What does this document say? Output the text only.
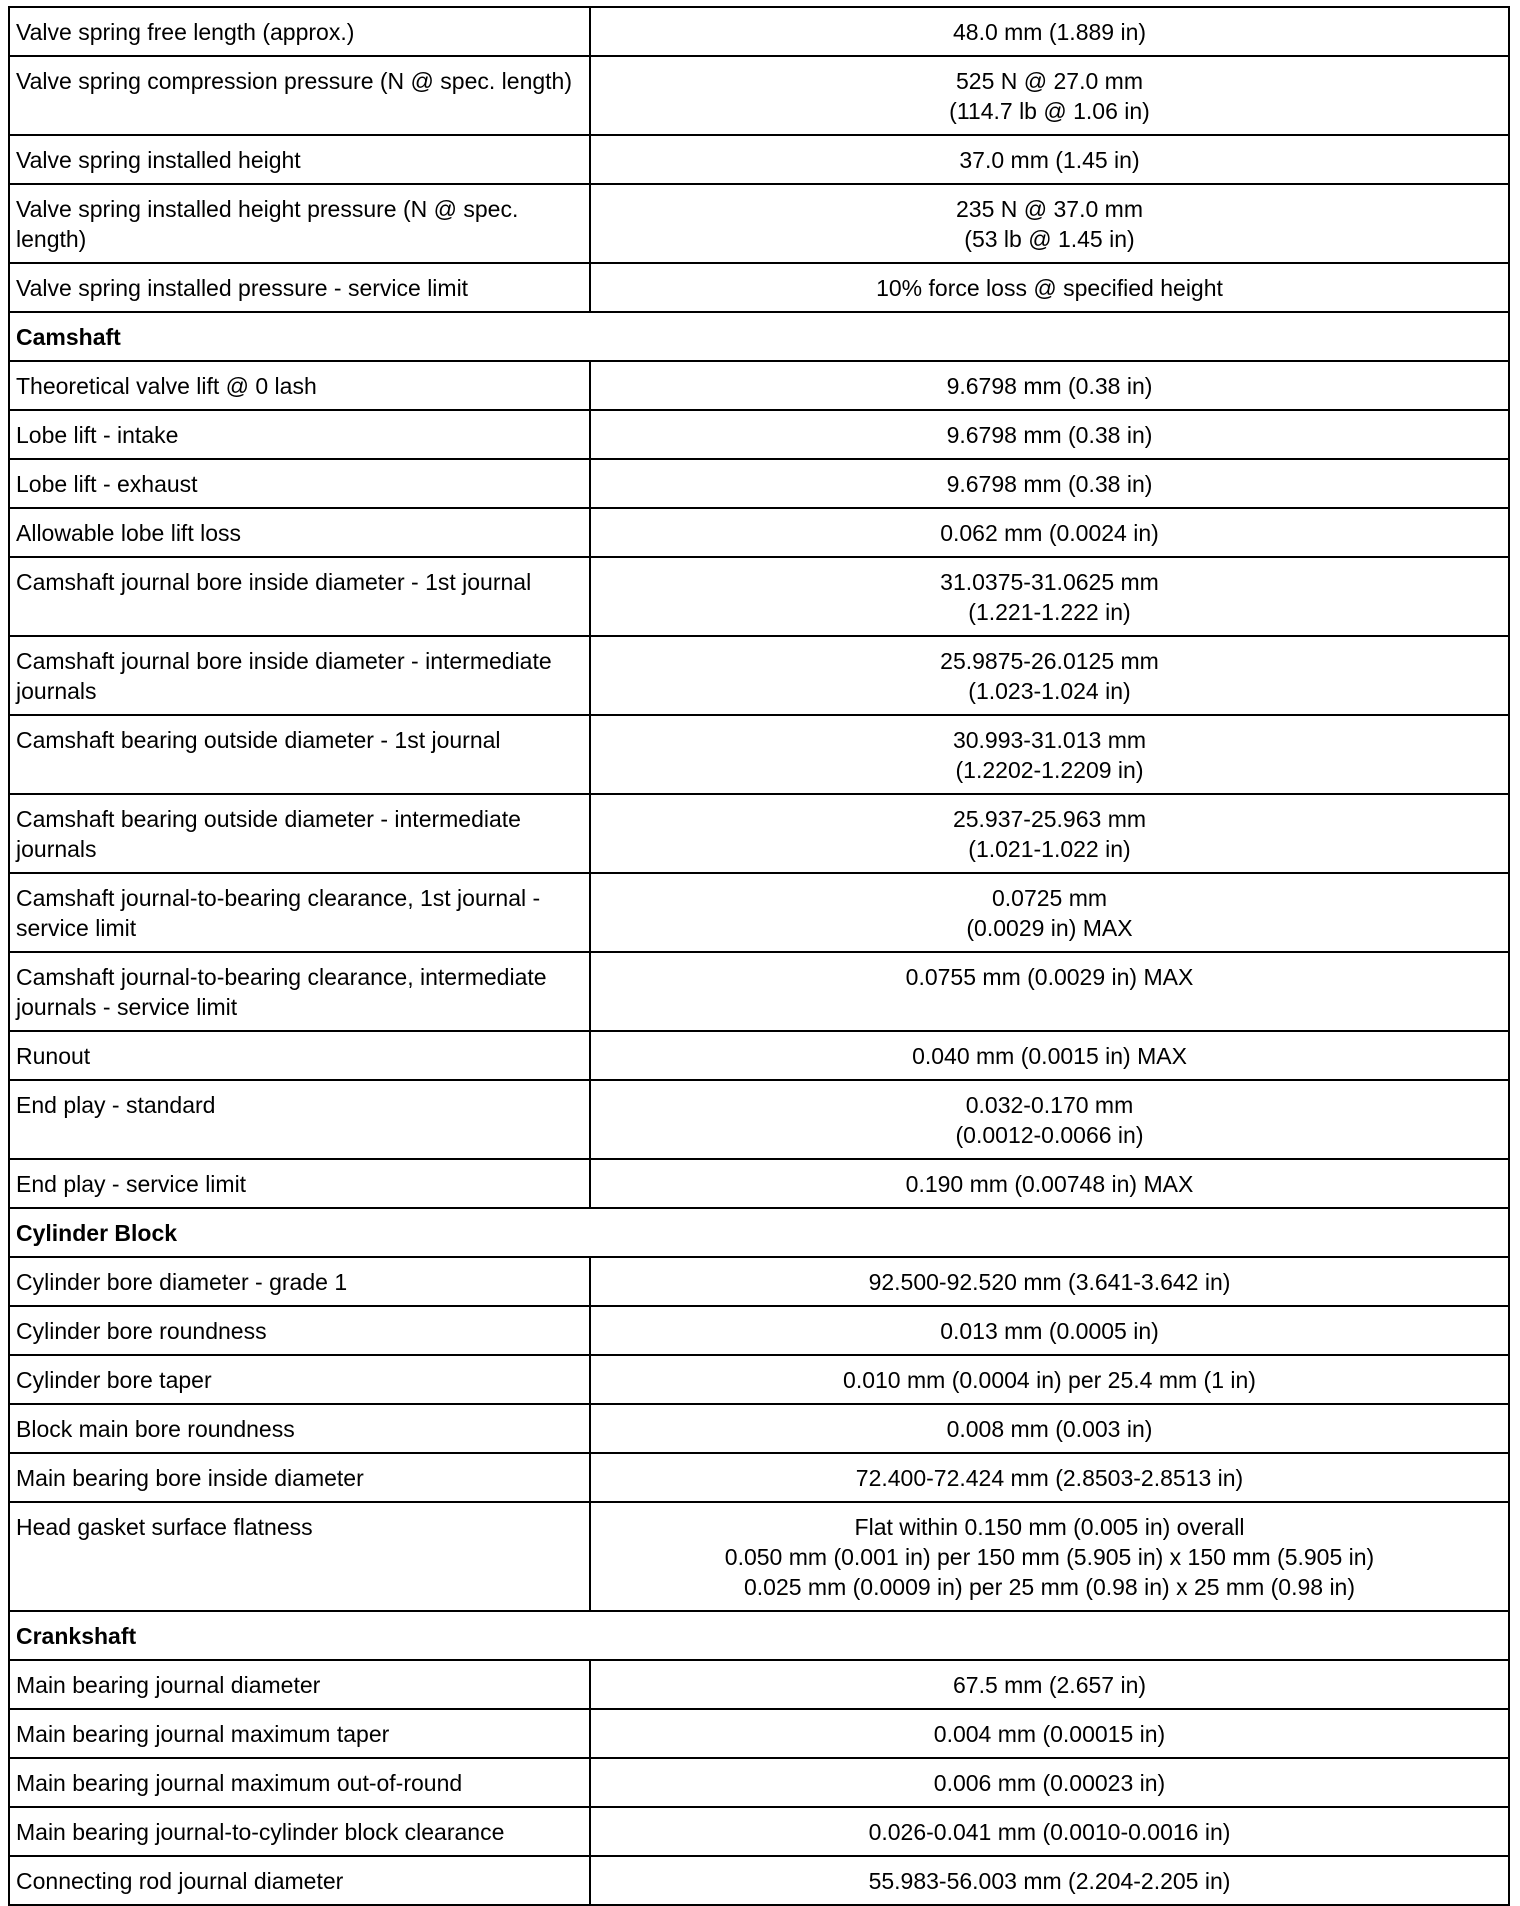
Valve spring free length (approx.)	48.0 mm (1.889 in)

Valve spring compression pressure (N @ spec. length)	525 N @ 27.0 mm
(114.7 lb @ 1.06 in)

Valve spring installed height	37.0 mm (1.45 in)

Valve spring installed height pressure (N @ spec. length)	235 N @ 37.0 mm
(53 lb @ 1.45 in)

Valve spring installed pressure - service limit	10% force loss @ specified height

Camshaft	
Theoretical valve lift @ 0 lash	9.6798 mm (0.38 in)

Lobe lift - intake	9.6798 mm (0.38 in)

Lobe lift - exhaust	9.6798 mm (0.38 in)

Allowable lobe lift loss	0.062 mm (0.0024 in)

Camshaft journal bore inside diameter - 1st journal	31.0375-31.0625 mm
(1.221-1.222 in)

Camshaft journal bore inside diameter - intermediate journals	25.9875-26.0125 mm
(1.023-1.024 in)

Camshaft bearing outside diameter - 1st journal	30.993-31.013 mm
(1.2202-1.2209 in)

Camshaft bearing outside diameter - intermediate journals	25.937-25.963 mm
(1.021-1.022 in)

Camshaft journal-to-bearing clearance, 1st journal - service limit	0.0725 mm
(0.0029 in) MAX

Camshaft journal-to-bearing clearance, intermediate journals - service limit	0.0755 mm (0.0029 in) MAX

Runout	0.040 mm (0.0015 in) MAX

End play - standard	0.032-0.170 mm
(0.0012-0.0066 in)

End play - service limit	0.190 mm (0.00748 in) MAX

Cylinder Block	
Cylinder bore diameter - grade 1	92.500-92.520 mm (3.641-3.642 in)

Cylinder bore roundness	0.013 mm (0.0005 in)

Cylinder bore taper	0.010 mm (0.0004 in) per 25.4 mm (1 in)

Block main bore roundness	0.008 mm (0.003 in)

Main bearing bore inside diameter	72.400-72.424 mm (2.8503-2.8513 in)

Head gasket surface flatness	Flat within 0.150 mm (0.005 in) overall
0.050 mm (0.001 in) per 150 mm (5.905 in) x 150 mm (5.905 in)
0.025 mm (0.0009 in) per 25 mm (0.98 in) x 25 mm (0.98 in)

Crankshaft	
Main bearing journal diameter	67.5 mm (2.657 in)

Main bearing journal maximum taper	0.004 mm (0.00015 in)

Main bearing journal maximum out-of-round	0.006 mm (0.00023 in)

Main bearing journal-to-cylinder block clearance	0.026-0.041 mm (0.0010-0.0016 in)

Connecting rod journal diameter	55.983-56.003 mm (2.204-2.205 in)
